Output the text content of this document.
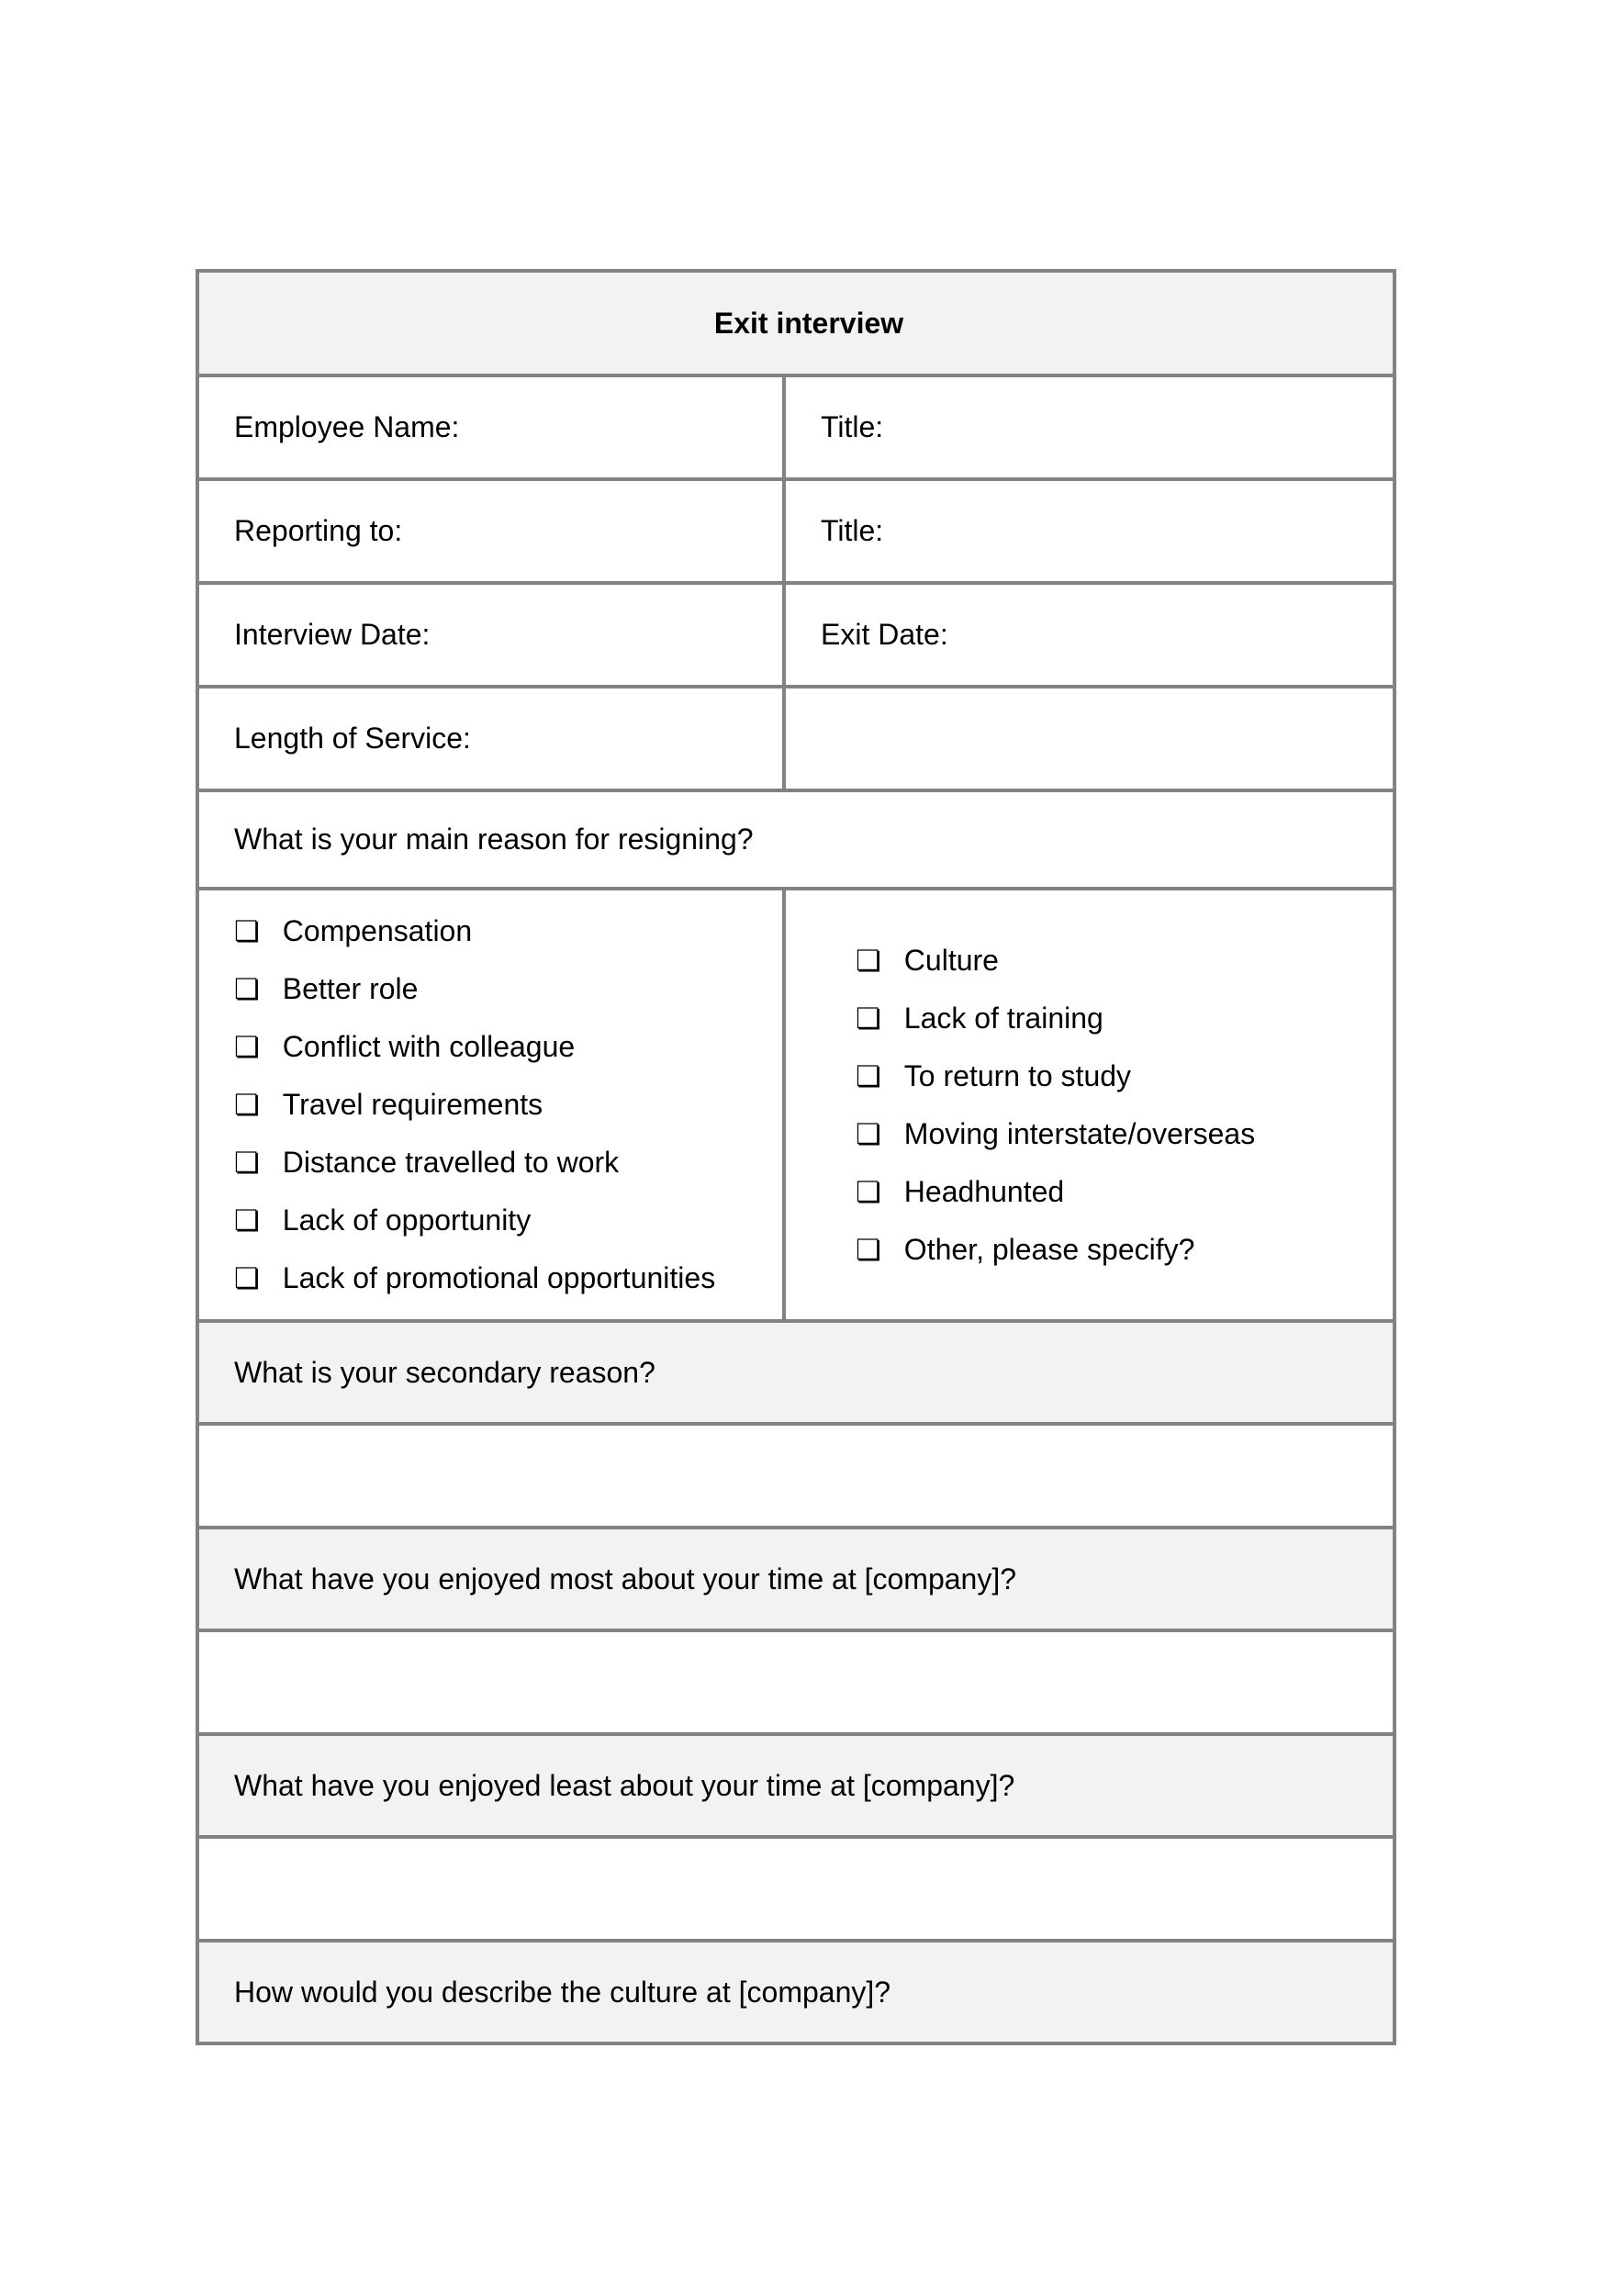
Exit interview	
Employee Name:	Title:
Reporting to:	Title:
Interview Date:	Exit Date:
Length of Service:	
What is your main reason for resigning?	

❏ Compensation
❏ Better role
❏ Conflict with colleague
❏ Travel requirements
❏ Distance travelled to work
❏ Lack of opportunity
❏ Lack of promotional opportunities

❏ Culture
❏ Lack of training
❏ To return to study
❏ Moving interstate/overseas
❏ Headhunted
❏ Other, please specify?

What is your secondary reason?	

What have you enjoyed most about your time at [company]?	

What have you enjoyed least about your time at [company]?	

How would you describe the culture at [company]?	
